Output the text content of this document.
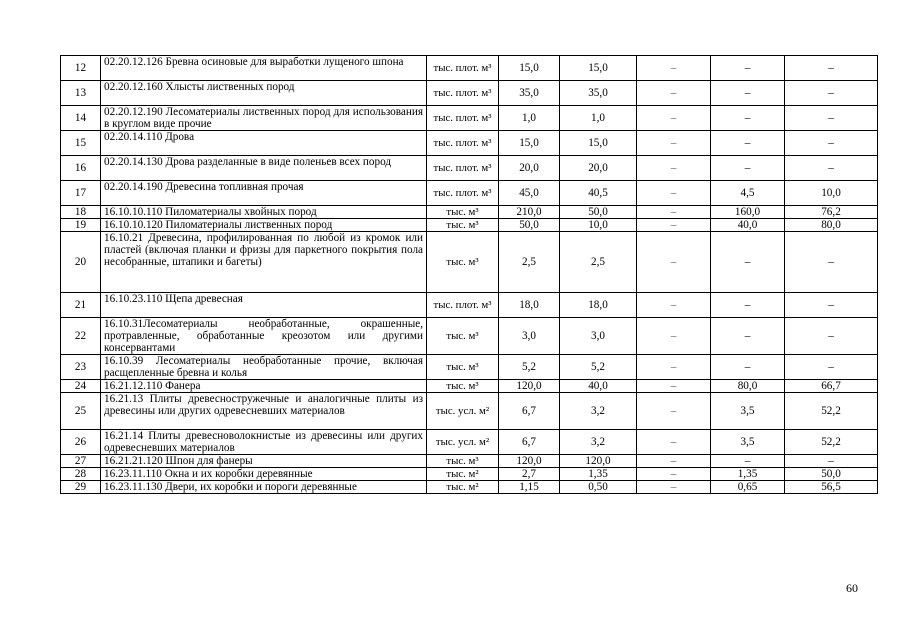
12	02.20.12.126 Бревна осиновые для выработки лущеного шпона	тыс. плот. м³	15,0	15,0	–	–	–
13	02.20.12.160 Хлысты лиственных пород	тыс. плот. м³	35,0	35,0	–	–	–
14	02.20.12.190 Лесоматериалы лиственных пород для использования в круглом виде прочие	тыс. плот. м³	1,0	1,0	–	–	–
15	02.20.14.110 Дрова	тыс. плот. м³	15,0	15,0	–	–	–
16	02.20.14.130 Дрова разделанные в виде поленьев всех пород	тыс. плот. м³	20,0	20,0	–	–	–
17	02.20.14.190 Древесина топливная прочая	тыс. плот. м³	45,0	40,5	–	4,5	10,0
18	16.10.10.110 Пиломатериалы хвойных пород	тыс. м³	210,0	50,0	–	160,0	76,2
19	16.10.10.120 Пиломатериалы лиственных пород	тыс. м³	50,0	10,0	–	40,0	80,0
20	16.10.21 Древесина, профилированная по любой из кромок или пластей (включая планки и фризы для паркетного покрытия пола несобранные, штапики и багеты)	тыс. м³	2,5	2,5	–	–	–
21	16.10.23.110 Щепа древесная	тыс. плот. м³	18,0	18,0	–	–	–
22	16.10.31Лесоматериалы необработанные, окрашенные, протравленные, обработанные креозотом или другими консервантами	тыс. м³	3,0	3,0	–	–	–
23	16.10.39 Лесоматериалы необработанные прочие, включая расщепленные бревна и колья	тыс. м³	5,2	5,2	–	–	–
24	16.21.12.110 Фанера	тыс. м³	120,0	40,0	–	80,0	66,7
25	16.21.13 Плиты древесностружечные и аналогичные плиты из древесины или других одревесневших материалов	тыс. усл. м²	6,7	3,2	–	3,5	52,2
26	16.21.14 Плиты древесноволокнистые из древесины или других одревесневших материалов	тыс. усл. м²	6,7	3,2	–	3,5	52,2
27	16.21.21.120 Шпон для фанеры	тыс. м³	120,0	120,0	–	–	–
28	16.23.11.110 Окна и их коробки деревянные	тыс. м²	2,7	1,35	–	1,35	50,0
29	16.23.11.130 Двери, их коробки и пороги деревянные	тыс. м²	1,15	0,50	–	0,65	56,5
60
